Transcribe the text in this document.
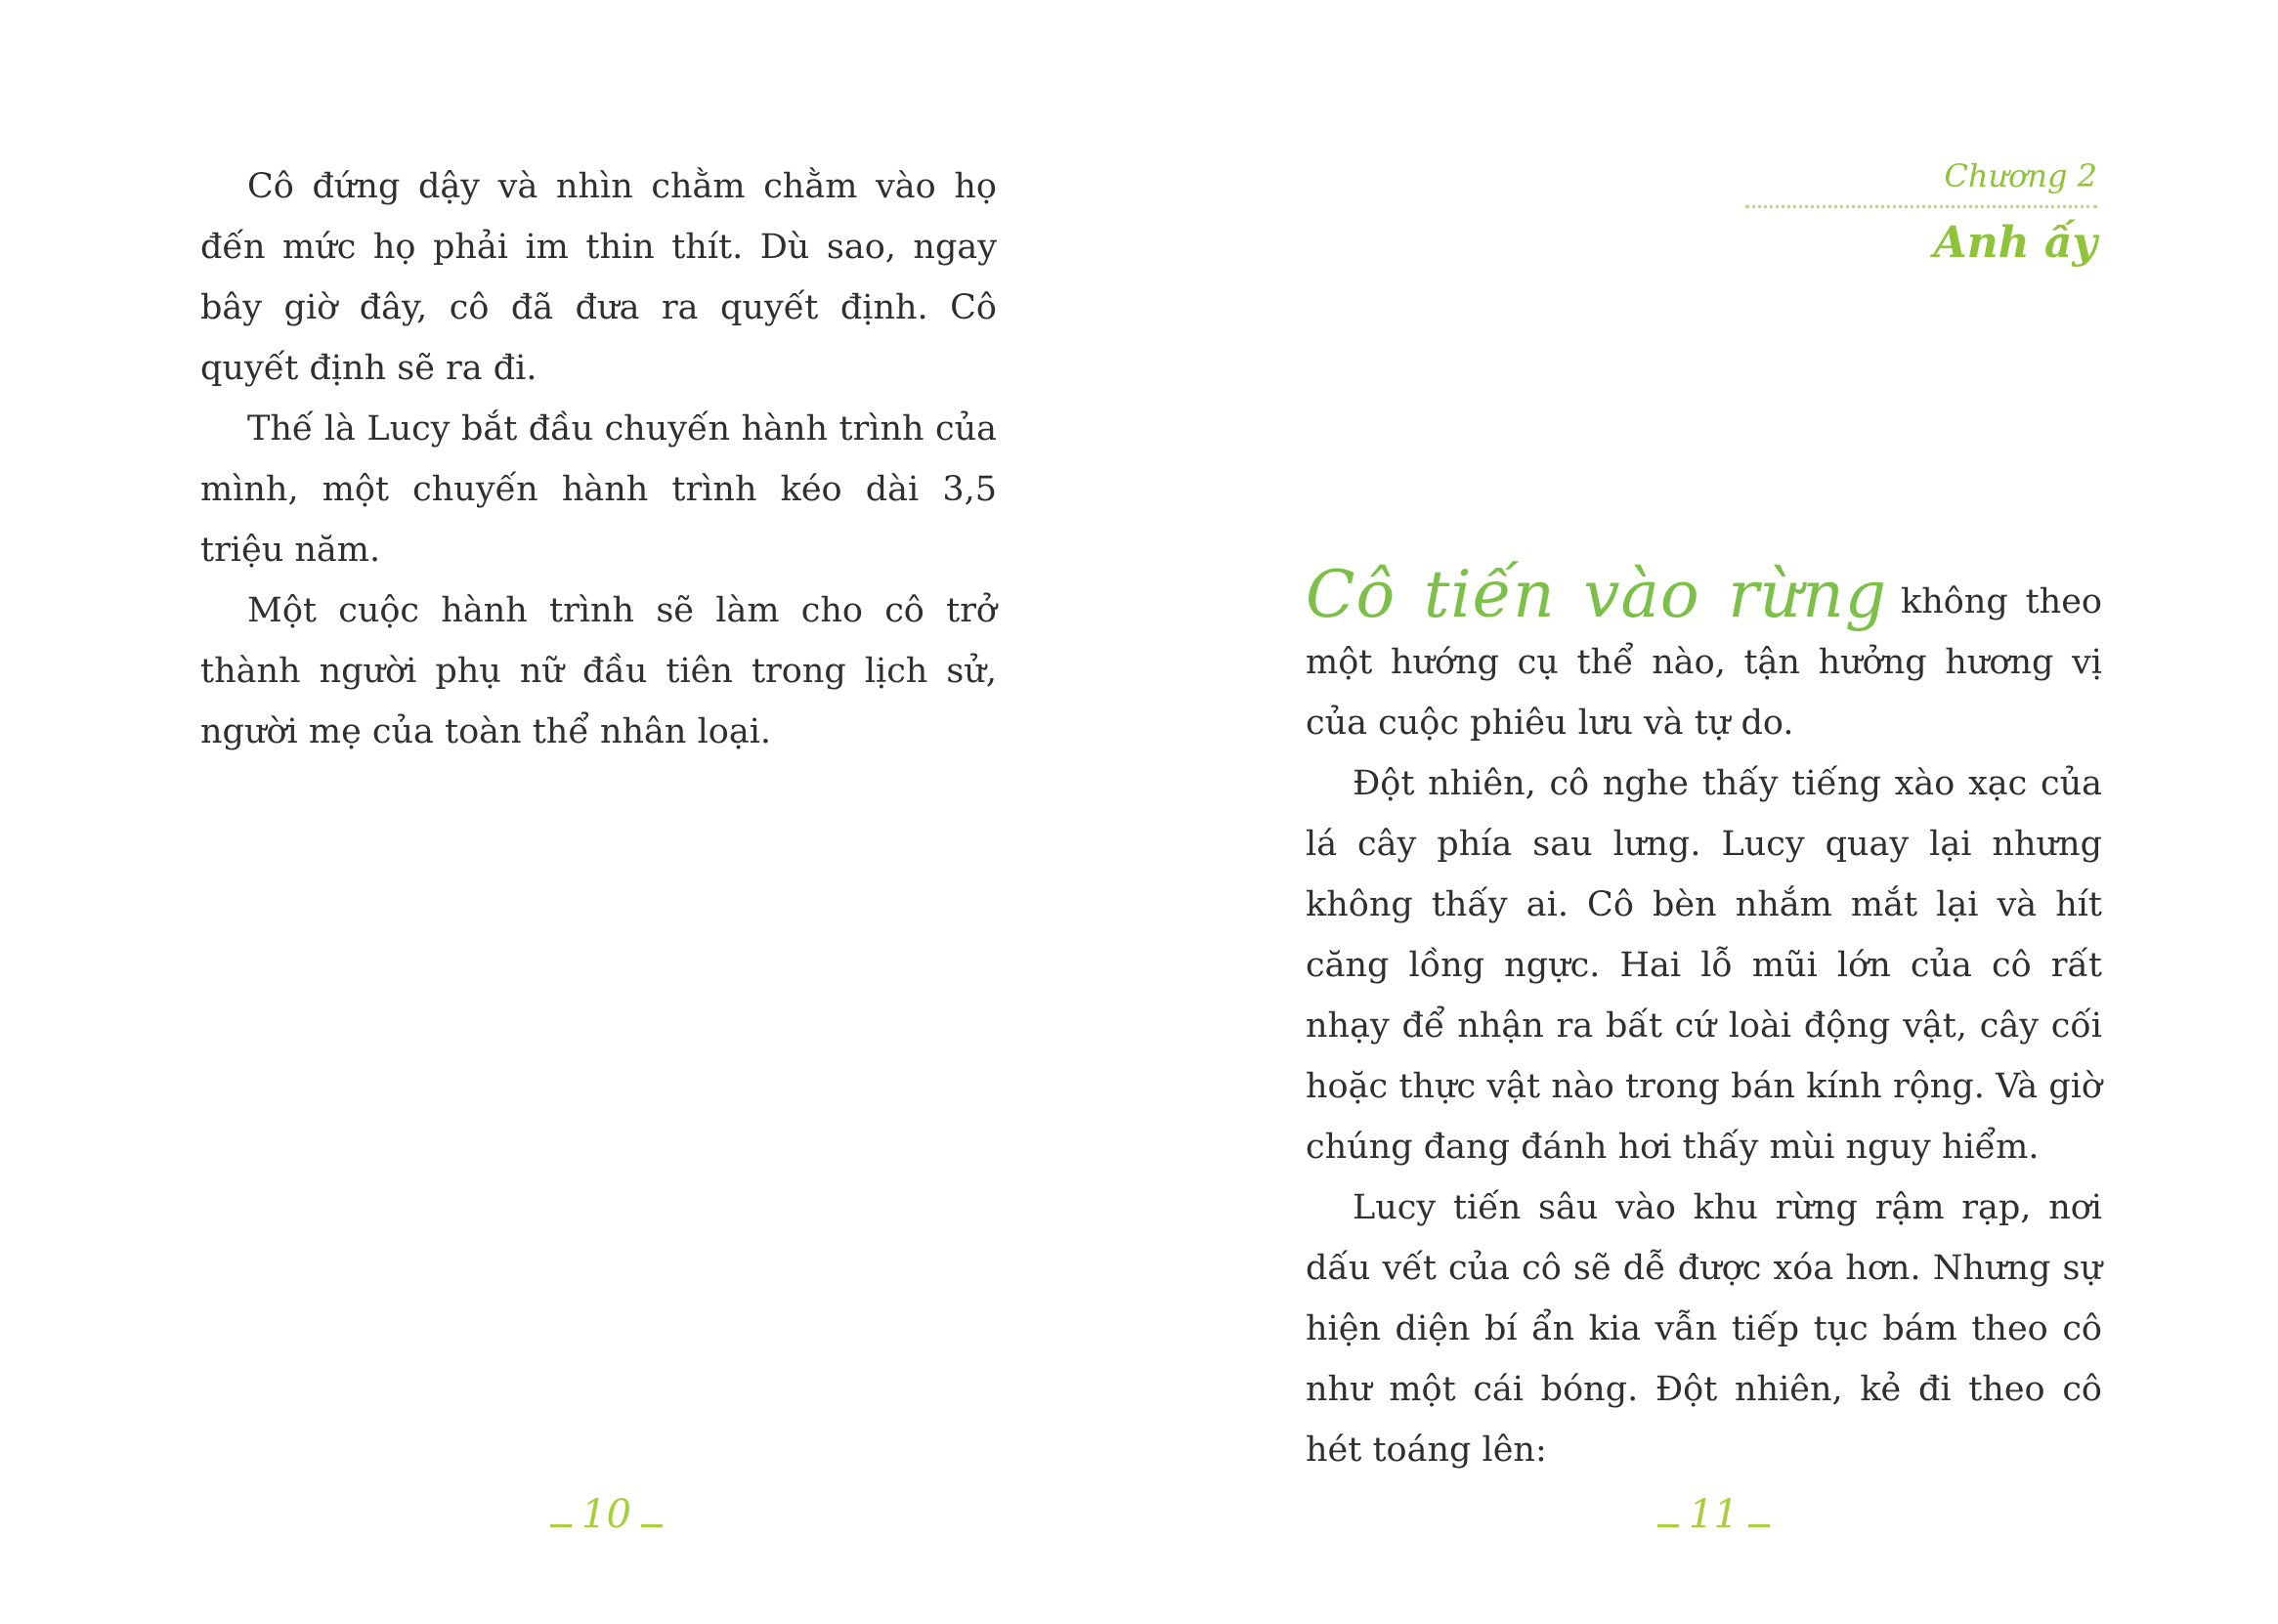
Cô đứng dậy và nhìn chằm chằm vào họ đến mức họ phải im thin thít. Dù sao, ngay bây giờ đây, cô đã đưa ra quyết định. Cô quyết định sẽ ra đi.

Thế là Lucy bắt đầu chuyến hành trình của mình, một chuyến hành trình kéo dài 3,5 triệu năm.

Một cuộc hành trình sẽ làm cho cô trở thành người phụ nữ đầu tiên trong lịch sử, người mẹ của toàn thể nhân loại.

10
Chương 2
Anh ấy

Cô tiến vào rừng không theo một hướng cụ thể nào, tận hưởng hương vị của cuộc phiêu lưu và tự do.

Đột nhiên, cô nghe thấy tiếng xào xạc của lá cây phía sau lưng. Lucy quay lại nhưng không thấy ai. Cô bèn nhắm mắt lại và hít căng lồng ngực. Hai lỗ mũi lớn của cô rất nhạy để nhận ra bất cứ loài động vật, cây cối hoặc thực vật nào trong bán kính rộng. Và giờ chúng đang đánh hơi thấy mùi nguy hiểm.

Lucy tiến sâu vào khu rừng rậm rạp, nơi dấu vết của cô sẽ dễ được xóa hơn. Nhưng sự hiện diện bí ẩn kia vẫn tiếp tục bám theo cô như một cái bóng. Đột nhiên, kẻ đi theo cô hét toáng lên:

11
